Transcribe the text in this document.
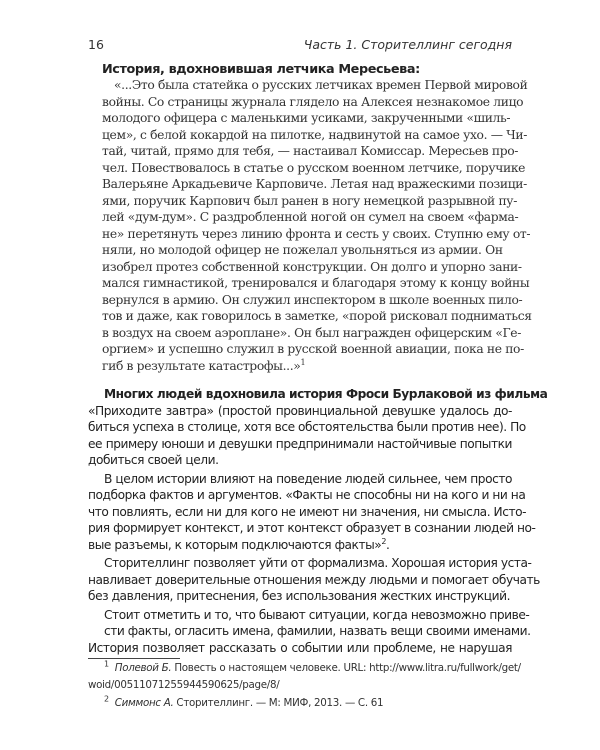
16	Часть 1. Сторителлинг сегодня
История, вдохновившая летчика Мересьева:
«...Это была статейка о русских летчиках времен Первой мировой
войны. Со страницы журнала глядело на Алексея незнакомое лицо
молодого офицера с маленькими усиками, закрученными «шиль-
цем», с белой кокардой на пилотке, надвинутой на самое ухо. — Чи-
тай, читай, прямо для тебя, — настаивал Комиссар. Мересьев про-
чел. Повествовалось в статье о русском военном летчике, поручике
Валерьяне Аркадьевиче Карповиче. Летая над вражескими позици-
ями, поручик Карпович был ранен в ногу немецкой разрывной пу-
лей «дум-дум». С раздробленной ногой он сумел на своем «фарма-
не» перетянуть через линию фронта и сесть у своих. Ступню ему от-
няли, но молодой офицер не пожелал увольняться из армии. Он
изобрел протез собственной конструкции. Он долго и упорно зани-
мался гимнастикой, тренировался и благодаря этому к концу войны
вернулся в армию. Он служил инспектором в школе военных пило-
тов и даже, как говорилось в заметке, «порой рисковал подниматься
в воздух на своем аэроплане». Он был награжден офицерским «Ге-
оргием» и успешно служил в русской военной авиации, пока не по-
гиб в результате катастрофы...»$^1$
Многих людей вдохновила история Фроси Бурлаковой из фильма
«Приходите завтра» (простой провинциальной девушке удалось до-
биться успеха в столице, хотя все обстоятельства были против нее). По
ее примеру юноши и девушки предпринимали настойчивые попытки
добиться своей цели.
В целом истории влияют на поведение людей сильнее, чем просто
подборка фактов и аргументов. «Факты не способны ни на кого и ни на
что повлиять, если ни для кого не имеют ни значения, ни смысла. Исто-
рия формирует контекст, и этот контекст образует в сознании людей но-
вые разъемы, к которым подключаются факты»$^2$.
Сторителлинг позволяет уйти от формализма. Хорошая история уста-
навливает доверительные отношения между людьми и помогает обучать
без давления, притеснения, без использования жестких инструкций.
Стоит отметить и то, что бывают ситуации, когда невозможно приве-
сти факты, огласить имена, фамилии, назвать вещи своими именами.
История позволяет рассказать о событии или проблеме, не нарушая
$^1$ Полевой Б. Повесть о настоящем человеке. URL: http://www.litra.ru/fullwork/get/
woid/00511071255944590625/page/8/
$^2$ Симмонс А. Сторителлинг. — М: МИФ, 2013. — С. 61
